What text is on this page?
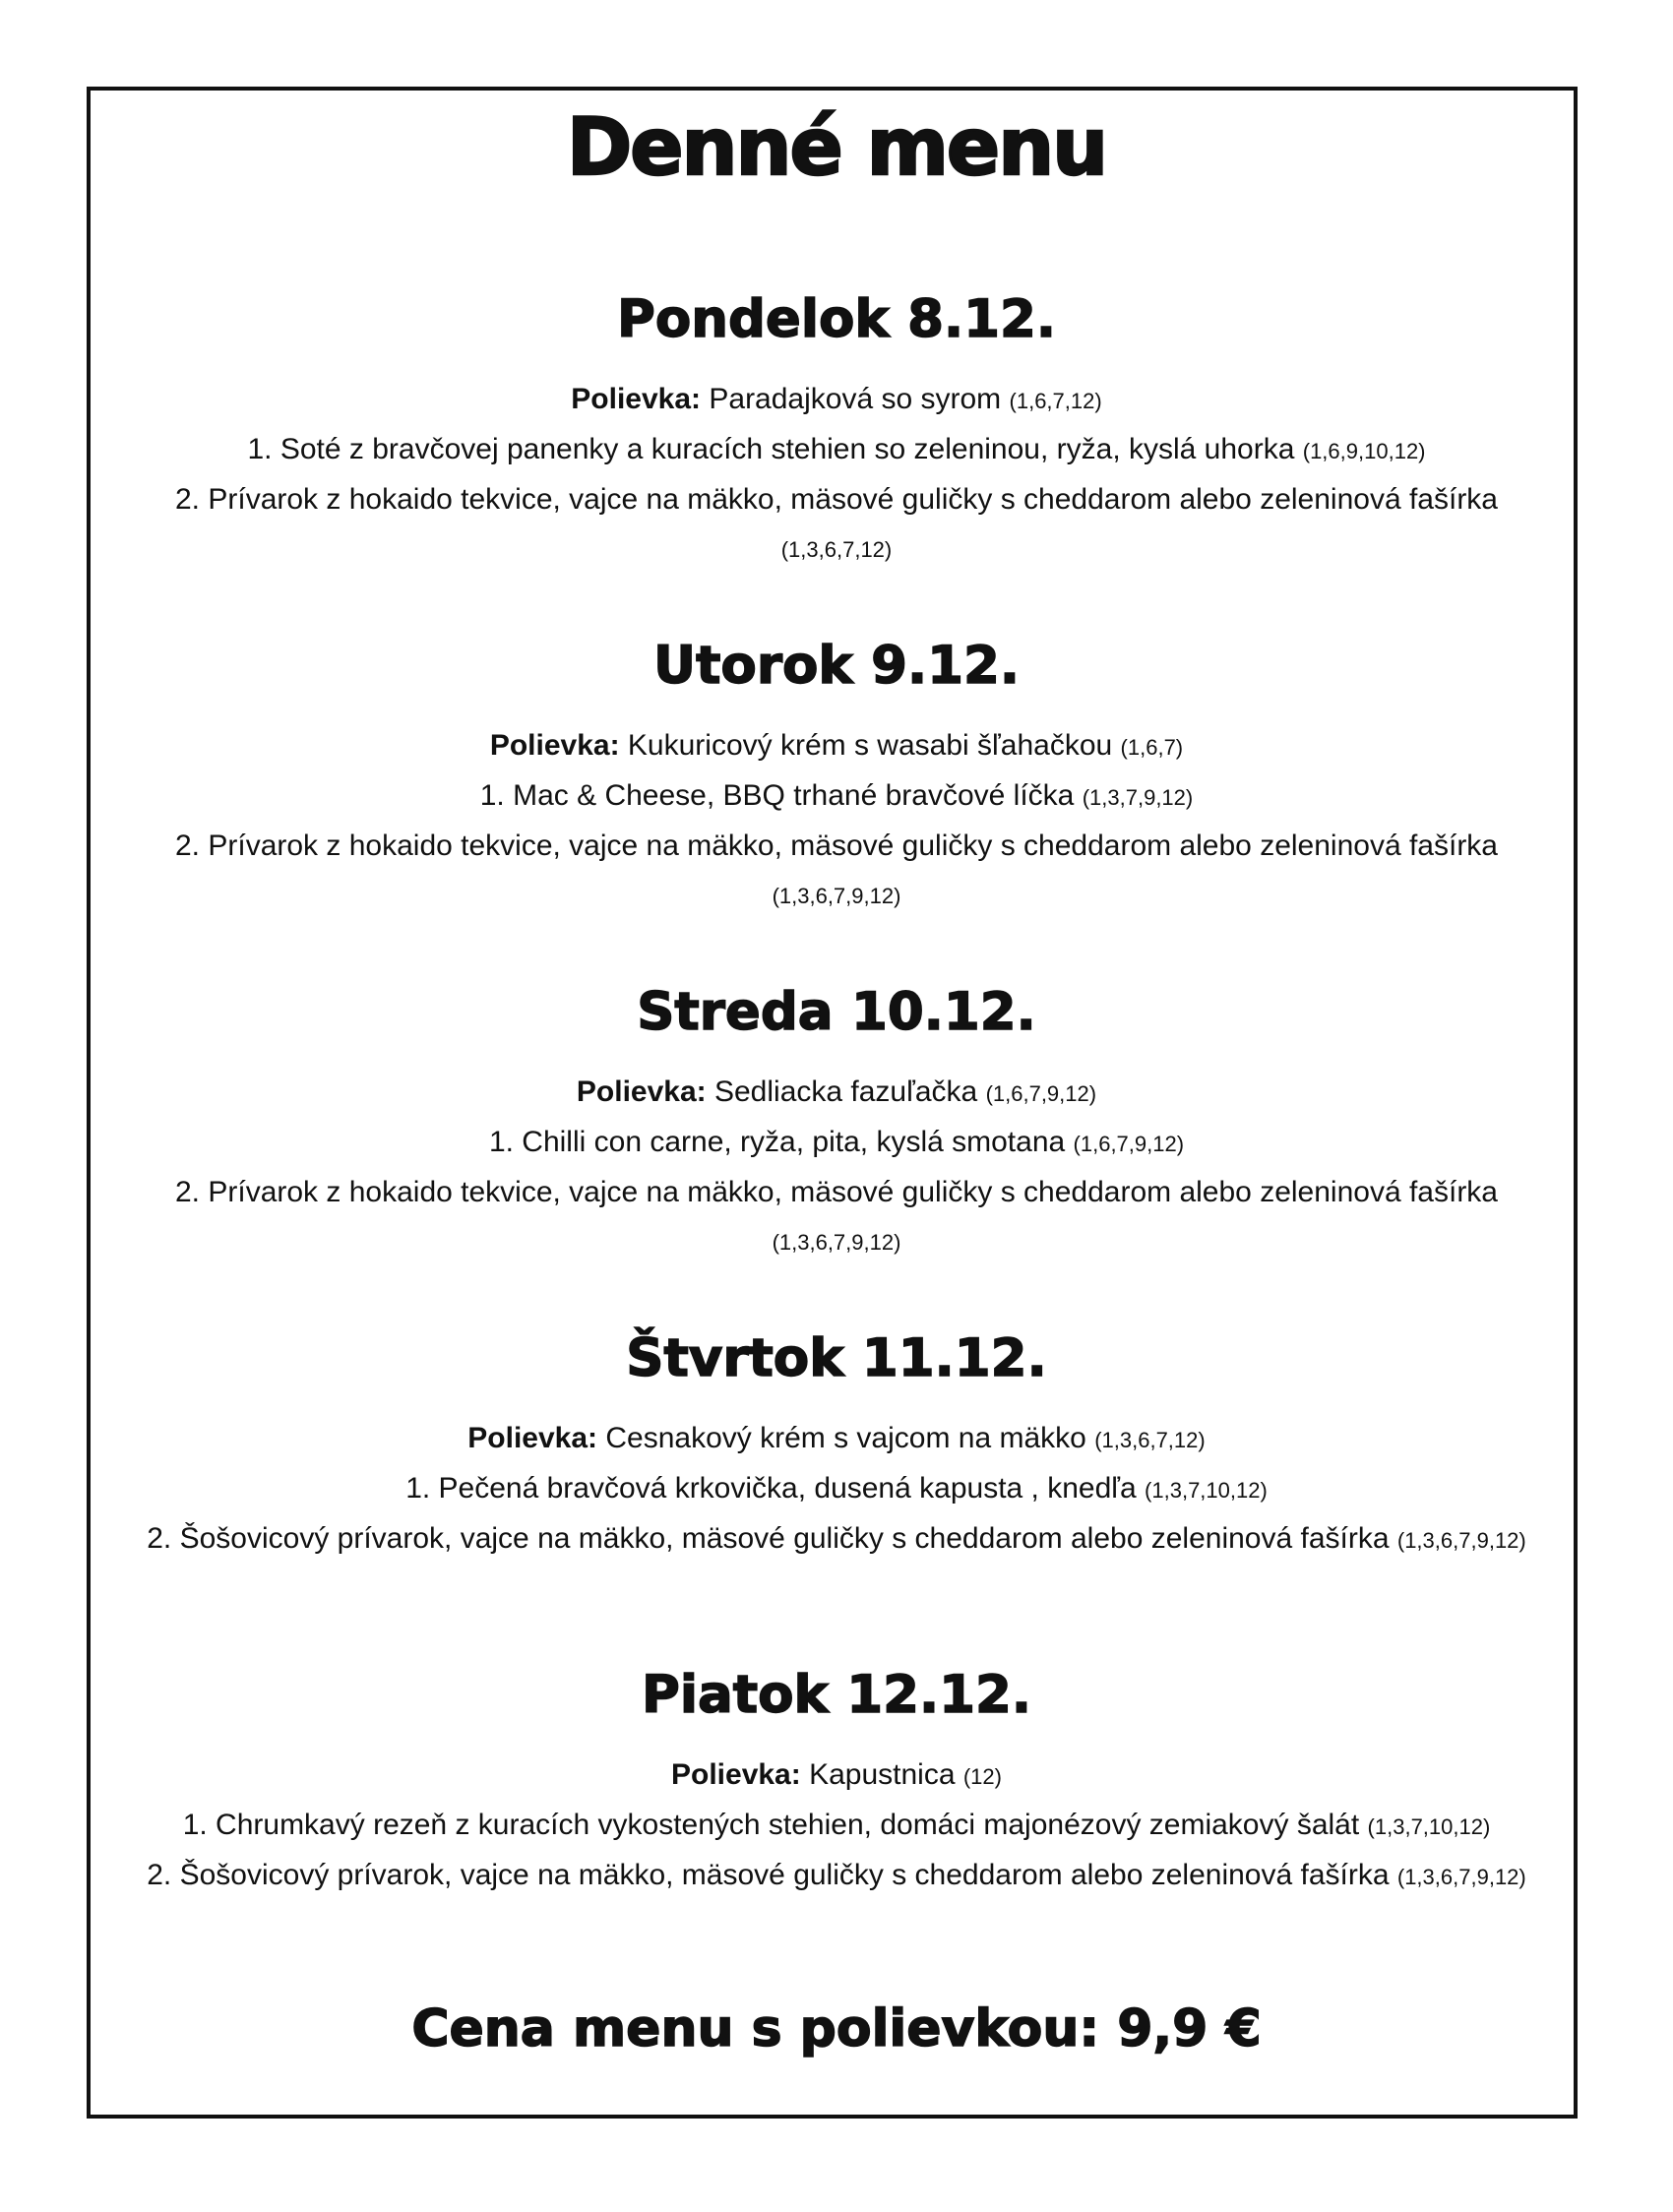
Denné menu
Pondelok 8.12.

Polievka: Paradajková so syrom (1,6,7,12)

1. Soté z bravčovej panenky a kuracích stehien so zeleninou, ryža, kyslá uhorka (1,6,9,10,12)

2. Prívarok z hokaido tekvice, vajce na mäkko, mäsové guličky s cheddarom alebo zeleninová fašírka (1,3,6,7,12)

Utorok 9.12.

Polievka: Kukuricový krém s wasabi šľahačkou (1,6,7)

1. Mac & Cheese, BBQ trhané bravčové líčka (1,3,7,9,12)

2. Prívarok z hokaido tekvice, vajce na mäkko, mäsové guličky s cheddarom alebo zeleninová fašírka (1,3,6,7,9,12)

Streda 10.12.

Polievka: Sedliacka fazuľačka (1,6,7,9,12)

1. Chilli con carne, ryža, pita, kyslá smotana (1,6,7,9,12)

2. Prívarok z hokaido tekvice, vajce na mäkko, mäsové guličky s cheddarom alebo zeleninová fašírka (1,3,6,7,9,12)

Štvrtok 11.12.

Polievka: Cesnakový krém s vajcom na mäkko (1,3,6,7,12)

1. Pečená bravčová krkovička, dusená kapusta , knedľa (1,3,7,10,12)

2. Šošovicový prívarok, vajce na mäkko, mäsové guličky s cheddarom alebo zeleninová fašírka (1,3,6,7,9,12)

Piatok 12.12.

Polievka: Kapustnica (12)

1. Chrumkavý rezeň z kuracích vykostených stehien, domáci majonézový zemiakový šalát (1,3,7,10,12)

2. Šošovicový prívarok, vajce na mäkko, mäsové guličky s cheddarom alebo zeleninová fašírka (1,3,6,7,9,12)

Cena menu s polievkou: 9,9 €
